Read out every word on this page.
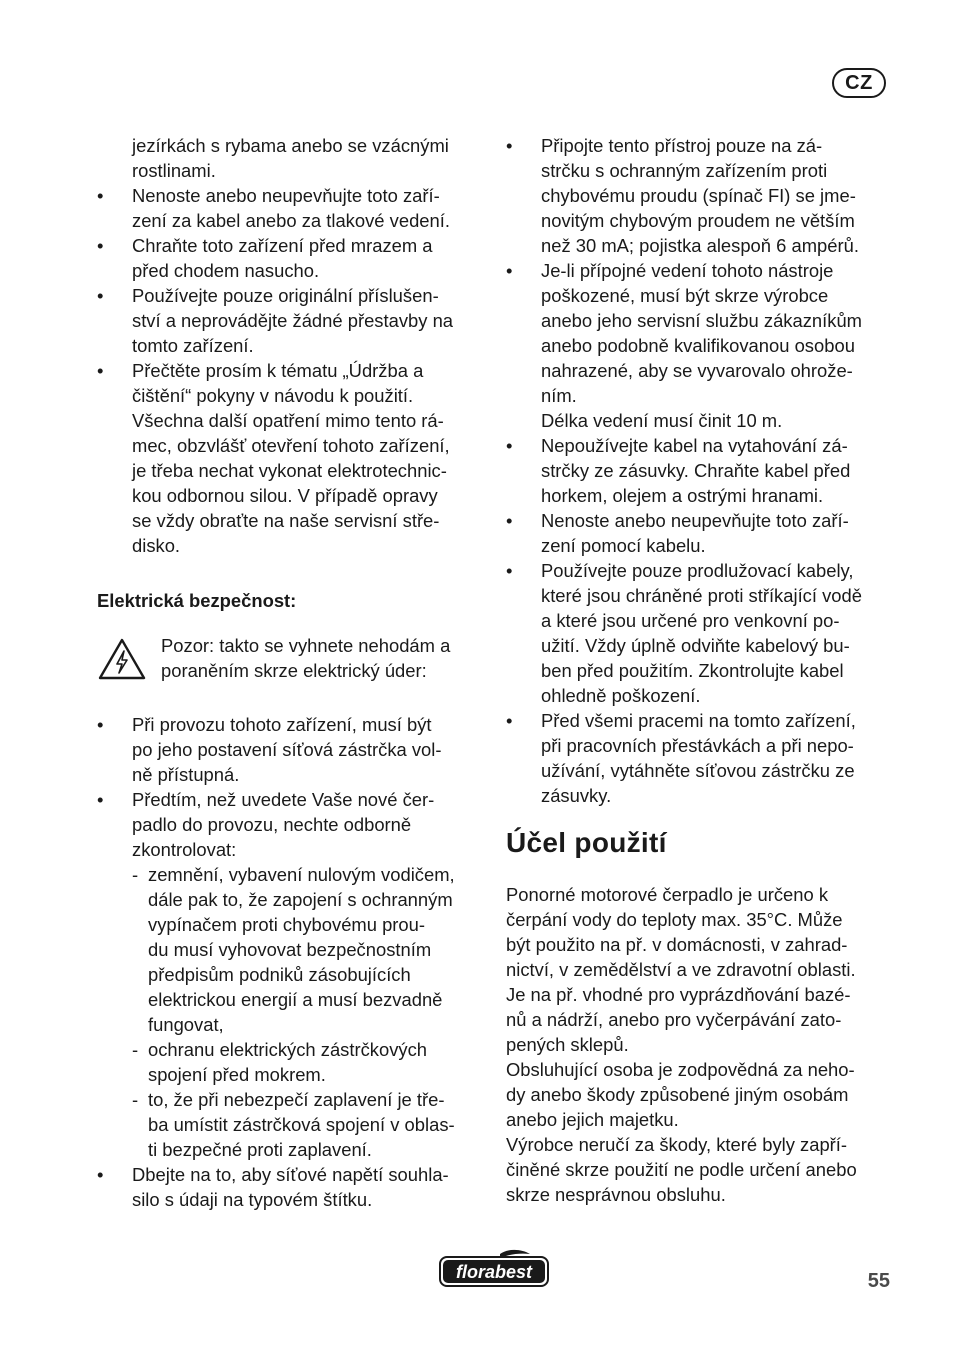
CZ
jezírkách s rybama anebo se vzácnými
rostlinami.
• Nenoste anebo neupevňujte toto zaří-
zení za kabel anebo za tlakové vedení.
• Chraňte toto zařízení před mrazem a
před chodem nasucho.
• Používejte pouze originální příslušen-
ství a neprovádějte žádné přestavby na
tomto zařízení.
• Přečtěte prosím k tématu „Údržba a
čištění“ pokyny v návodu k použití.
Všechna další opatření mimo tento rá-
mec, obzvlášť otevření tohoto zařízení,
je třeba nechat vykonat elektrotechnic-
kou odbornou silou. V případě opravy
se vždy obraťte na naše servisní stře-
disko.
Elektrická bezpečnost:
Pozor: takto se vyhnete nehodám a
poraněním skrze elektrický úder:
• Při provozu tohoto zařízení, musí být
po jeho postavení síťová zástrčka vol-
ně přístupná.
• Předtím, než uvedete Vaše nové čer-
padlo do provozu, nechte odborně
zkontrolovat:
- zemnění, vybavení nulovým vodičem,
dále pak to, že zapojení s ochranným
vypínačem proti chybovému prou-
du musí vyhovovat bezpečnostním
předpisům podniků zásobujících
elektrickou energií a musí bezvadně
fungovat,
- ochranu elektrických zástrčkových
spojení před mokrem.
- to, že při nebezpečí zaplavení je tře-
ba umístit zástrčková spojení v oblas-
ti bezpečné proti zaplavení.
• Dbejte na to, aby síťové napětí souhla-
silo s údaji na typovém štítku.
• Připojte tento přístroj pouze na zá-
strčku s ochranným zařízením proti
chybovému proudu (spínač FI) se jme-
novitým chybovým proudem ne větším
než 30 mA; pojistka alespoň 6 ampérů.
• Je-li přípojné vedení tohoto nástroje
poškozené, musí být skrze výrobce
anebo jeho servisní službu zákazníkům
anebo podobně kvalifikovanou osobou
nahrazené, aby se vyvarovalo ohrože-
ním.
Délka vedení musí činit 10 m.
• Nepoužívejte kabel na vytahování zá-
strčky ze zásuvky. Chraňte kabel před
horkem, olejem a ostrými hranami.
• Nenoste anebo neupevňujte toto zaří-
zení pomocí kabelu.
• Používejte pouze prodlužovací kabely,
které jsou chráněné proti stříkající vodě
a které jsou určené pro venkovní po-
užití. Vždy úplně odviňte kabelový bu-
ben před použitím. Zkontrolujte kabel
ohledně poškození.
• Před všemi pracemi na tomto zařízení,
při pracovních přestávkách a při nepo-
užívání, vytáhněte síťovou zástrčku ze
zásuvky.
Účel použití
Ponorné motorové čerpadlo je určeno k
čerpání vody do teploty max. 35°C. Může
být použito na př. v domácnosti, v zahrad-
nictví, v zemědělství a ve zdravotní oblasti.
Je na př. vhodné pro vyprázdňování bazé-
nů a nádrží, anebo pro vyčerpávání zato-
pených sklepů.
Obsluhující osoba je zodpovědná za neho-
dy anebo škody způsobené jiným osobám
anebo jejich majetku.
Výrobce neručí za škody, které byly zapří-
činěné skrze použití ne podle určení anebo
skrze nesprávnou obsluhu.
florabest	55
